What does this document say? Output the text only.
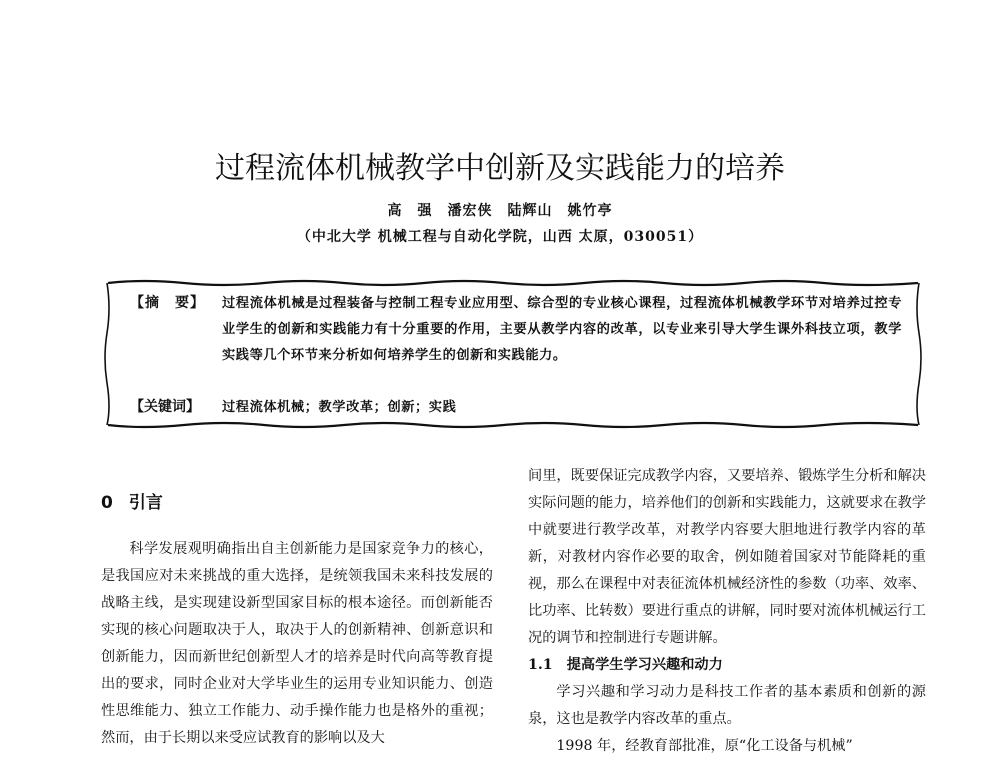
过程流体机械教学中创新及实践能力的培养
高　强　潘宏侠　陆辉山　姚竹亭
（中北大学 机械工程与自动化学院，山西 太原，030051）
【摘　要】 过程流体机械是过程装备与控制工程专业应用型、综合型的专业核心课程，过程流体机械教学环节对培养过控专业学生的创新和实践能力有十分重要的作用，主要从教学内容的改革，以专业来引导大学生课外科技立项，教学实践等几个环节来分析如何培养学生的创新和实践能力。
【关键词】 过程流体机械；教学改革；创新；实践
0 引言

科学发展观明确指出自主创新能力是国家竞争力的核心，是我国应对未来挑战的重大选择，是统领我国未来科技发展的战略主线，是实现建设新型国家目标的根本途径。而创新能否实现的核心问题取决于人，取决于人的创新精神、创新意识和创新能力，因而新世纪创新型人才的培养是时代向高等教育提出的要求，同时企业对大学毕业生的运用专业知识能力、创造性思维能力、独立工作能力、动手操作能力也是格外的重视；然而，由于长期以来受应试教育的影响以及大

间里，既要保证完成教学内容，又要培养、锻炼学生分析和解决实际问题的能力，培养他们的创新和实践能力，这就要求在教学中就要进行教学改革，对教学内容要大胆地进行教学内容的革新，对教材内容作必要的取舍，例如随着国家对节能降耗的重视，那么在课程中对表征流体机械经济性的参数（功率、效率、比功率、比转数）要进行重点的讲解，同时要对流体机械运行工况的调节和控制进行专题讲解。

1.1 提高学生学习兴趣和动力

学习兴趣和学习动力是科技工作者的基本素质和创新的源泉，这也是教学内容改革的重点。

1998 年，经教育部批准，原“化工设备与机械”
